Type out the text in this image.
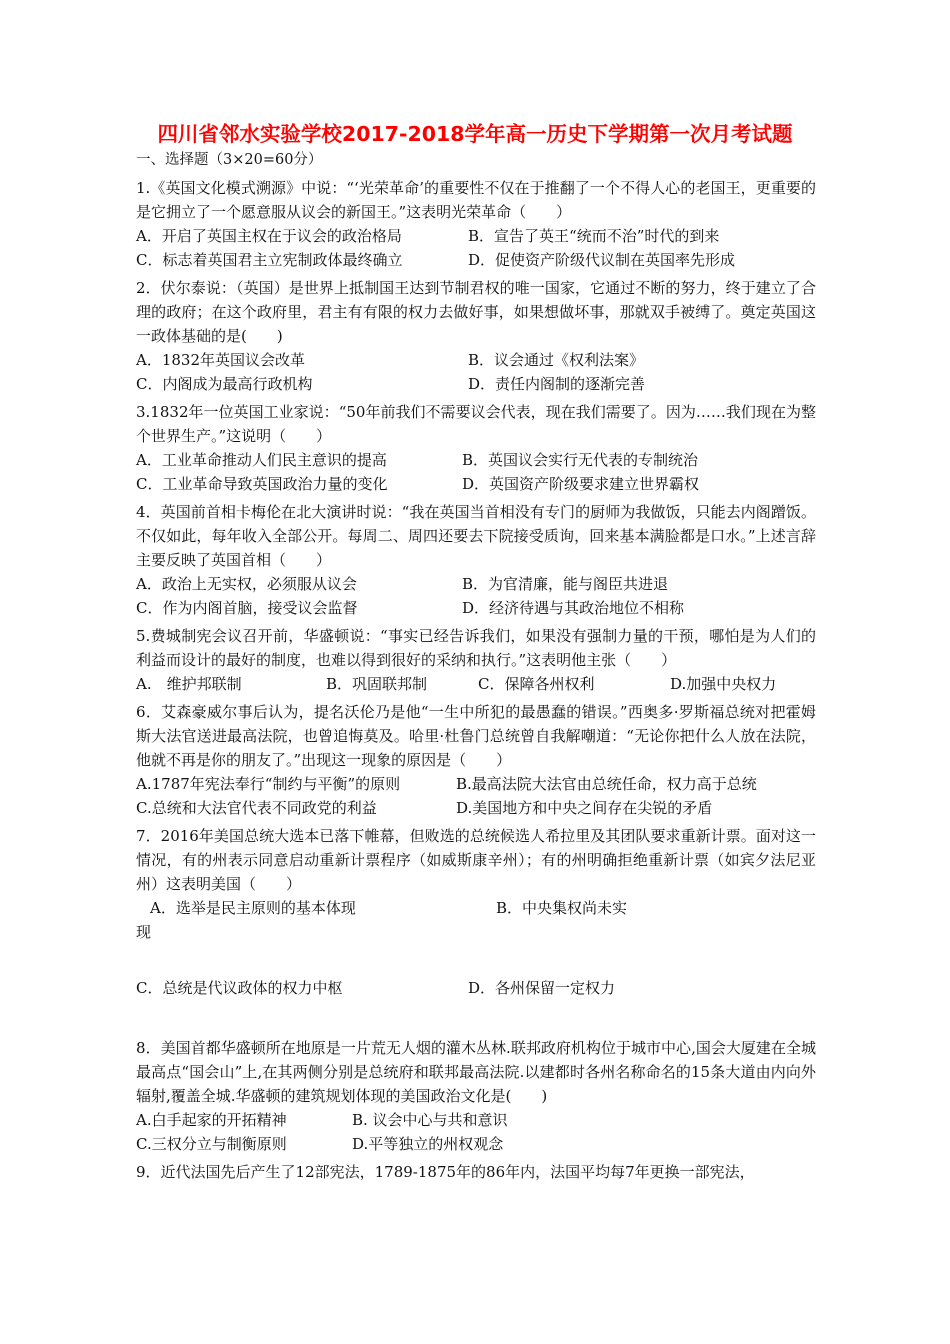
四川省邻水实验学校2017-2018学年高一历史下学期第一次月考试题
一、选择题（3×20=60分）
1.《英国文化模式溯源》中说：“‘光荣革命’的重要性不仅在于推翻了一个不得人心的老国王，更重要的是它拥立了一个愿意服从议会的新国王。”这表明光荣革命（　　）
A．开启了英国主权在于议会的政治格局	B．宣告了英王“统而不治”时代的到来
C．标志着英国君主立宪制政体最终确立	D．促使资产阶级代议制在英国率先形成
2．伏尔泰说：（英国）是世界上抵制国王达到节制君权的唯一国家，它通过不断的努力，终于建立了合理的政府；在这个政府里，君主有有限的权力去做好事，如果想做坏事，那就双手被缚了。奠定英国这一政体基础的是(　　)
A．1832年英国议会改革	B．议会通过《权利法案》
C．内阁成为最高行政机构	D．责任内阁制的逐渐完善
3.1832年一位英国工业家说：“50年前我们不需要议会代表，现在我们需要了。因为……我们现在为整个世界生产。”这说明（　　）
A．工业革命推动人们民主意识的提高	B．英国议会实行无代表的专制统治
C．工业革命导致英国政治力量的变化	D．英国资产阶级要求建立世界霸权
4．英国前首相卡梅伦在北大演讲时说：“我在英国当首相没有专门的厨师为我做饭，只能去内阁蹭饭。不仅如此，每年收入全部公开。每周二、周四还要去下院接受质询，回来基本满脸都是口水。”上述言辞主要反映了英国首相（　　）
A．政治上无实权，必须服从议会	B．为官清廉，能与阁臣共进退
C．作为内阁首脑，接受议会监督	D．经济待遇与其政治地位不相称
5.费城制宪会议召开前，华盛顿说：“事实已经告诉我们，如果没有强制力量的干预，哪怕是为人们的利益而设计的最好的制度，也难以得到很好的采纳和执行。”这表明他主张（　　）
A.　维护邦联制	B．巩固联邦制	C．保障各州权利	D.加强中央权力
6．艾森豪威尔事后认为，提名沃伦乃是他“一生中所犯的最愚蠢的错误。”西奥多·罗斯福总统对把霍姆斯大法官送进最高法院，也曾追悔莫及。哈里·杜鲁门总统曾自我解嘲道：“无论你把什么人放在法院，他就不再是你的朋友了。”出现这一现象的原因是（　　）
A.1787年宪法奉行“制约与平衡”的原则	B.最高法院大法官由总统任命，权力高于总统
C.总统和大法官代表不同政党的利益	D.美国地方和中央之间存在尖锐的矛盾
7．2016年美国总统大选本已落下帷幕，但败选的总统候选人希拉里及其团队要求重新计票。面对这一情况，有的州表示同意启动重新计票程序（如威斯康辛州）；有的州明确拒绝重新计票（如宾夕法尼亚州）这表明美国（　　）
A．选举是民主原则的基本体现	B．中央集权尚未实
现
C．总统是代议政体的权力中枢	D．各州保留一定权力
8．美国首都华盛顿所在地原是一片荒无人烟的灌木丛林.联邦政府机构位于城市中心,国会大厦建在全城最高点“国会山”上,在其两侧分别是总统府和联邦最高法院.以建都时各州名称命名的15条大道由内向外辐射,覆盖全城.华盛顿的建筑规划体现的美国政治文化是(　　)
A.白手起家的开拓精神	B. 议会中心与共和意识
C.三权分立与制衡原则	D.平等独立的州权观念
9．近代法国先后产生了12部宪法，1789-1875年的86年内，法国平均每7年更换一部宪法，
